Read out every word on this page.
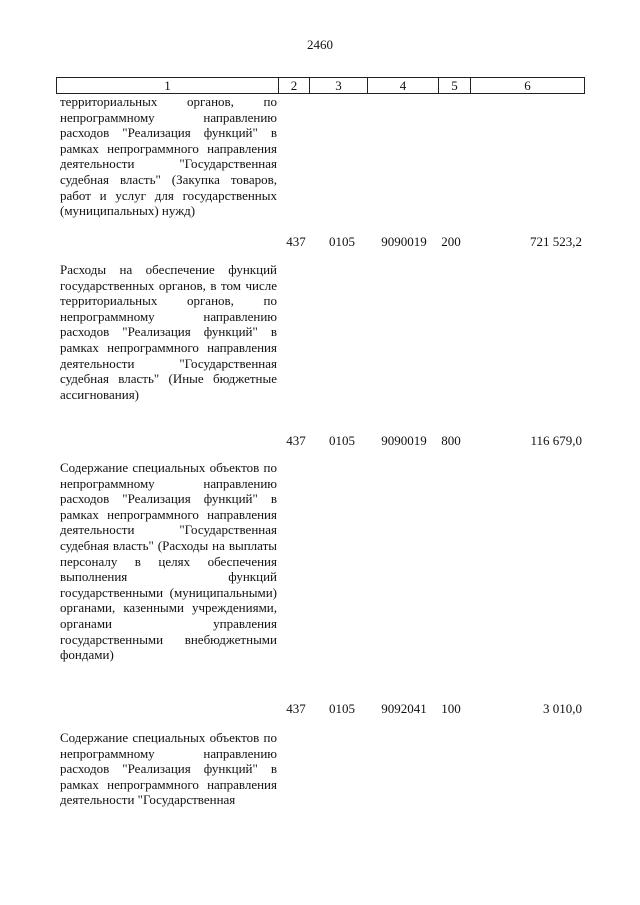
2460
1	2	3	4	5	6
территориальных органов, по непрограммному направлению расходов "Реализация функций" в рамках непрограммного направления деятельности "Государственная судебная власть" (Закупка товаров, работ и услуг для государственных (муниципальных) нужд)
437	0105	9090019	200	721 523,2
Расходы на обеспечение функций государственных органов, в том числе территориальных органов, по непрограммному направлению расходов "Реализация функций" в рамках непрограммного направления деятельности "Государственная судебная власть" (Иные бюджетные ассигнования)
437	0105	9090019	800	116 679,0
Содержание специальных объектов по непрограммному направлению расходов "Реализация функций" в рамках непрограммного направления деятельности "Государственная судебная власть" (Расходы на выплаты персоналу в целях обеспечения выполнения функций государственными (муниципальными) органами, казенными учреждениями, органами управления государственными внебюджетными фондами)
437	0105	9092041	100	3 010,0
Содержание специальных объектов по непрограммному направлению расходов "Реализация функций" в рамках непрограммного направления деятельности "Государственная
